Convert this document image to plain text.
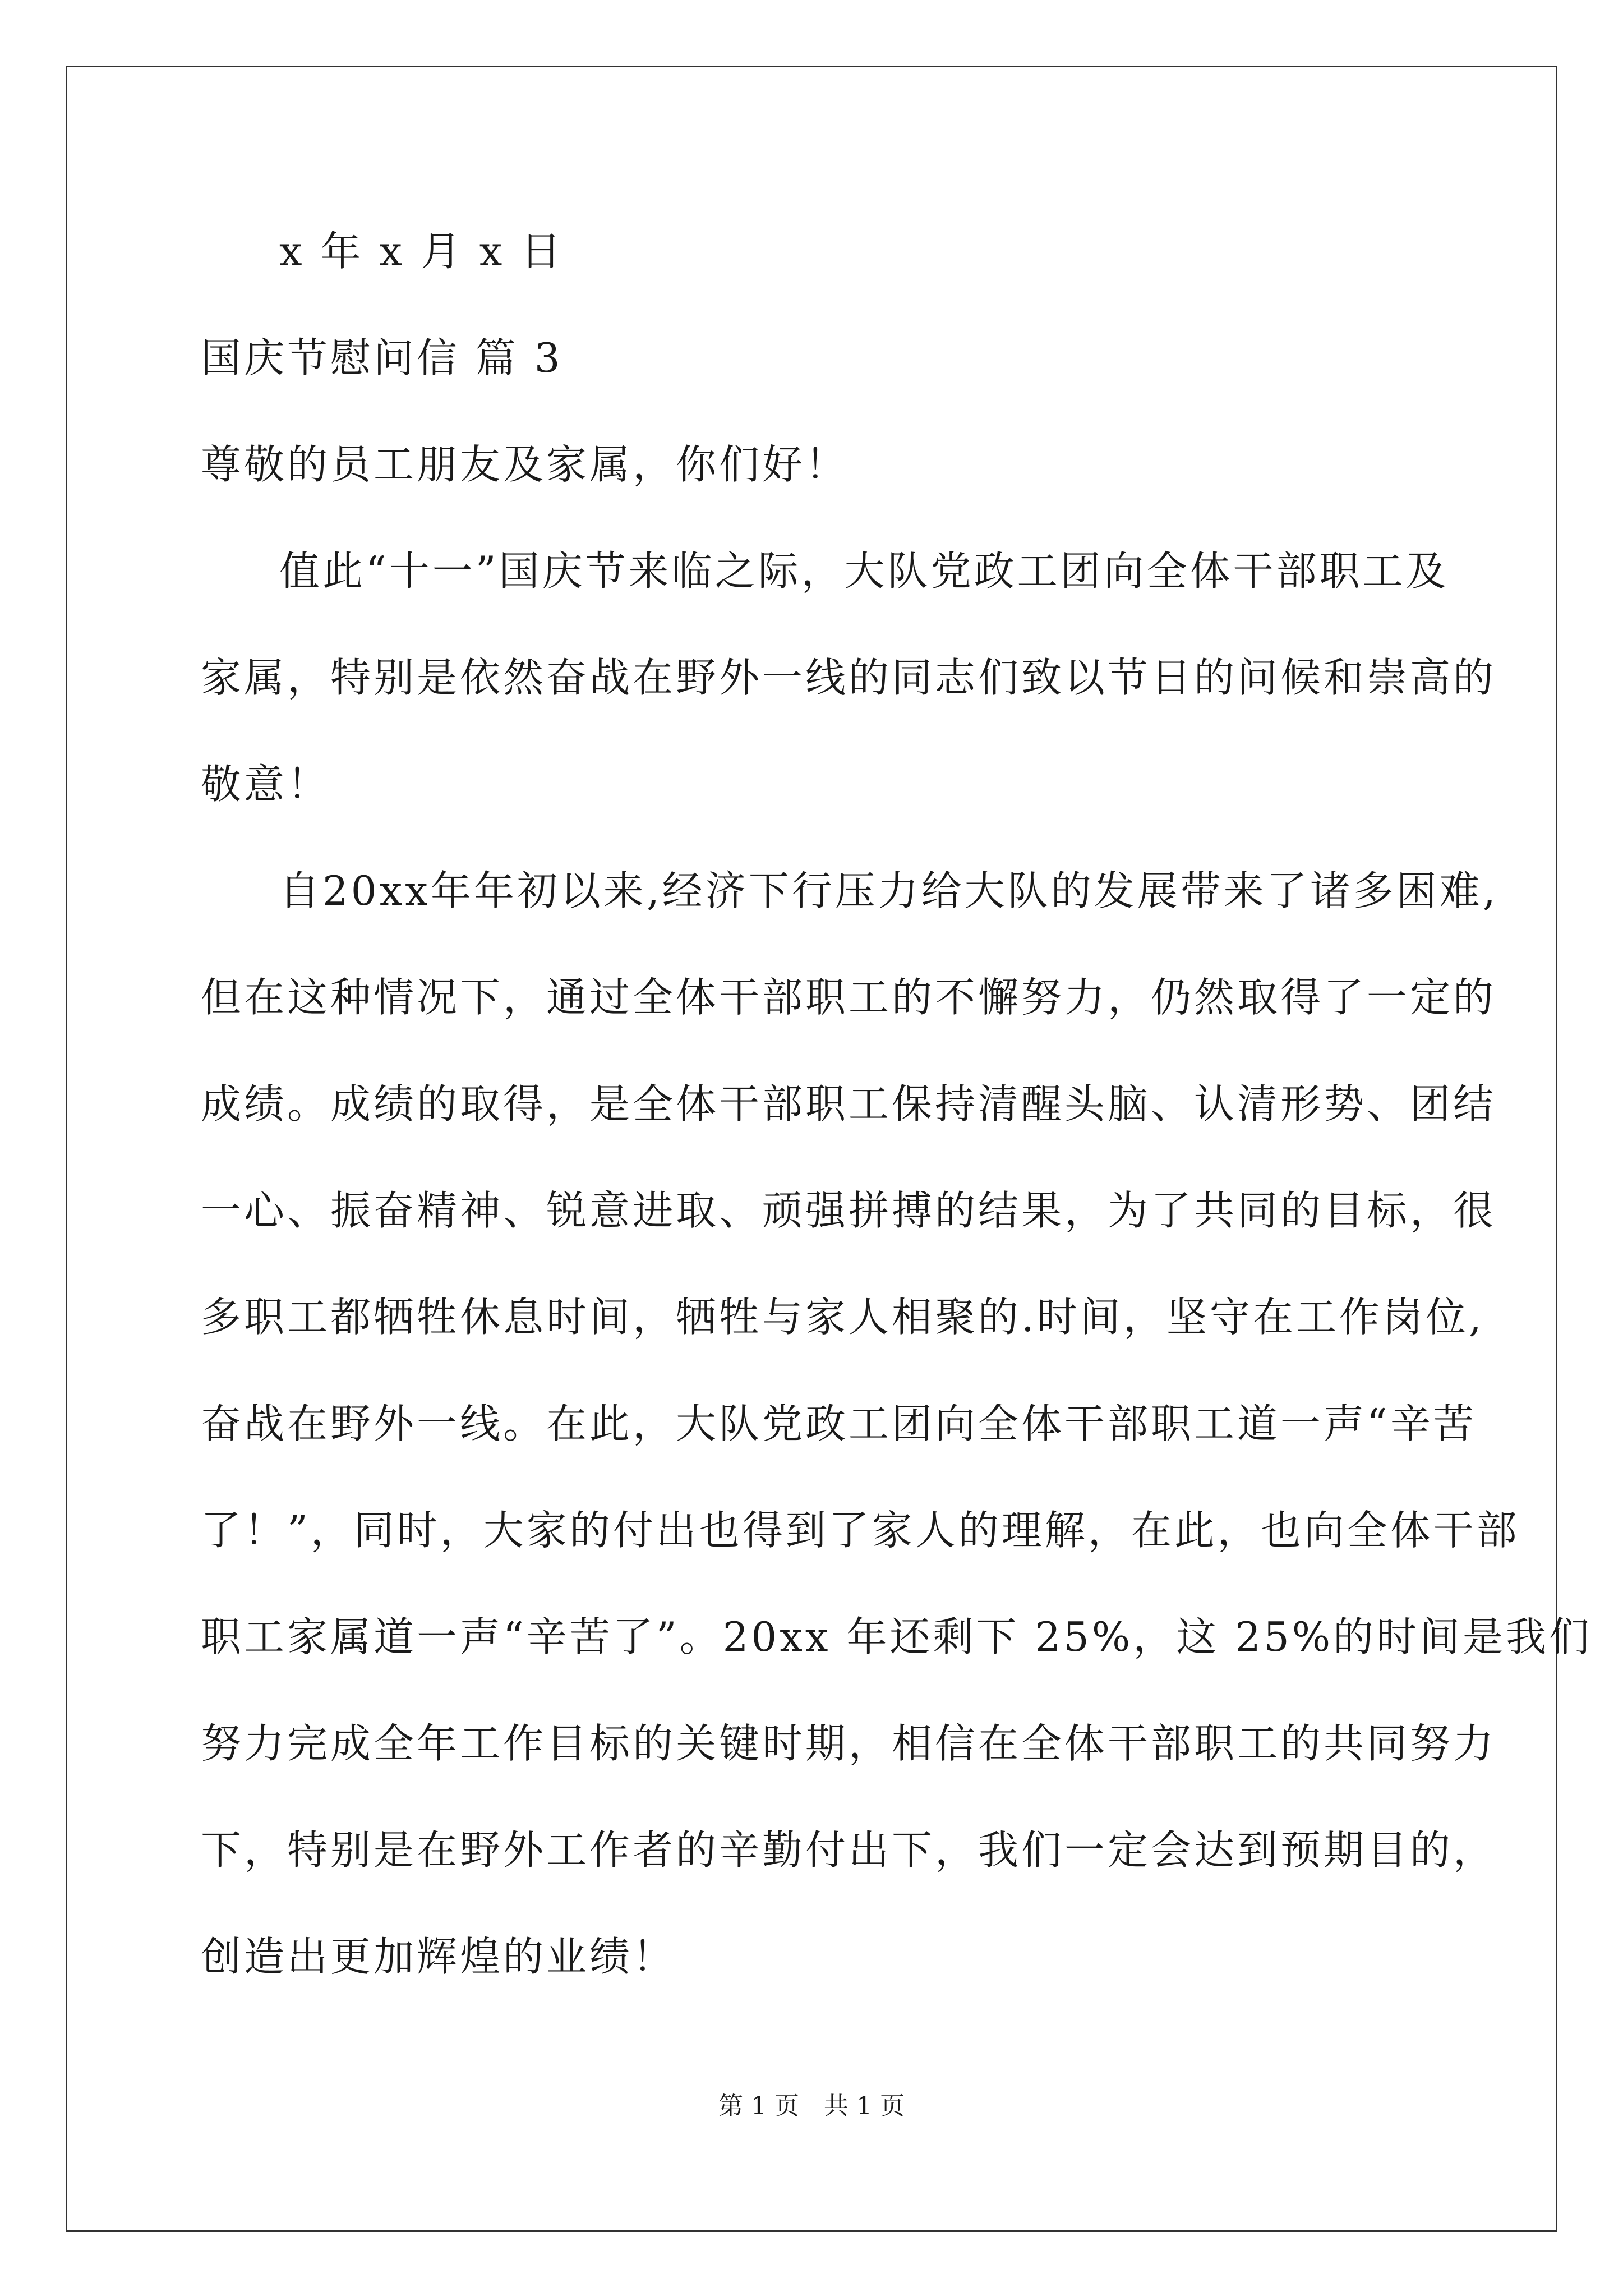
x 年 x 月 x 日
国庆节慰问信 篇 3
尊敬的员工朋友及家属，你们好！
值此“十一”国庆节来临之际，大队党政工团向全体干部职工及
家属，特别是依然奋战在野外一线的同志们致以节日的问候和崇高的
敬意！
自20xx年年初以来,经济下行压力给大队的发展带来了诸多困难,
但在这种情况下，通过全体干部职工的不懈努力，仍然取得了一定的
成绩。成绩的取得，是全体干部职工保持清醒头脑、认清形势、团结
一心、振奋精神、锐意进取、顽强拼搏的结果，为了共同的目标，很
多职工都牺牲休息时间，牺牲与家人相聚的.时间，坚守在工作岗位,
奋战在野外一线。在此，大队党政工团向全体干部职工道一声“辛苦
了！”，同时，大家的付出也得到了家人的理解，在此，也向全体干部
职工家属道一声“辛苦了”。20xx 年还剩下 25%，这 25%的时间是我们
努力完成全年工作目标的关键时期，相信在全体干部职工的共同努力
下，特别是在野外工作者的辛勤付出下，我们一定会达到预期目的，
创造出更加辉煌的业绩！
第 1 页　共 1 页
